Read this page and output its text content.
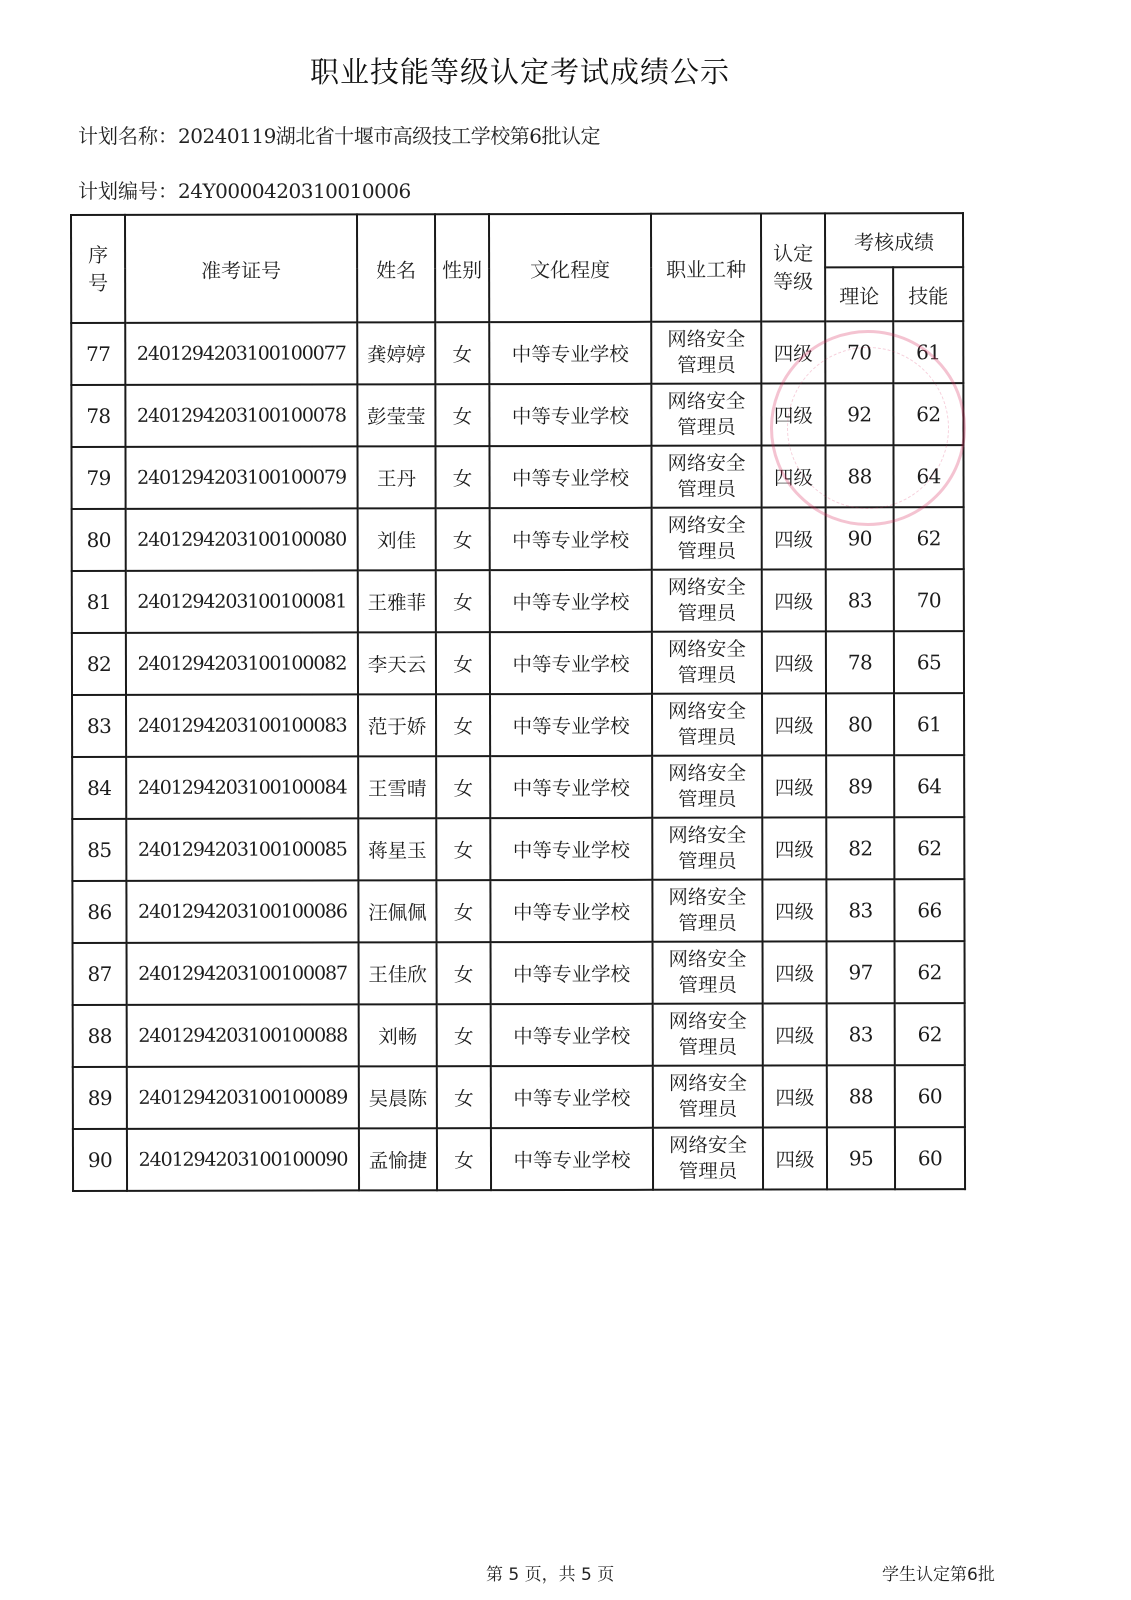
职业技能等级认定考试成绩公示
计划名称：20240119湖北省十堰市高级技工学校第6批认定
计划编号：24Y0000420310010006
序
号	准考证号	姓名	性别	文化程度	职业工种	认定
等级	考核成绩	
							理论	技能
77	2401294203100100077	龚婷婷	女	中等专业学校	网络安全
管理员	四级	70	61
78	2401294203100100078	彭莹莹	女	中等专业学校	网络安全
管理员	四级	92	62
79	2401294203100100079	王丹	女	中等专业学校	网络安全
管理员	四级	88	64
80	2401294203100100080	刘佳	女	中等专业学校	网络安全
管理员	四级	90	62
81	2401294203100100081	王雅菲	女	中等专业学校	网络安全
管理员	四级	83	70
82	2401294203100100082	李天云	女	中等专业学校	网络安全
管理员	四级	78	65
83	2401294203100100083	范于娇	女	中等专业学校	网络安全
管理员	四级	80	61
84	2401294203100100084	王雪晴	女	中等专业学校	网络安全
管理员	四级	89	64
85	2401294203100100085	蒋星玉	女	中等专业学校	网络安全
管理员	四级	82	62
86	2401294203100100086	汪佩佩	女	中等专业学校	网络安全
管理员	四级	83	66
87	2401294203100100087	王佳欣	女	中等专业学校	网络安全
管理员	四级	97	62
88	2401294203100100088	刘畅	女	中等专业学校	网络安全
管理员	四级	83	62
89	2401294203100100089	吴晨陈	女	中等专业学校	网络安全
管理员	四级	88	60
90	2401294203100100090	孟愉捷	女	中等专业学校	网络安全
管理员	四级	95	60
第 5 页，共 5 页	学生认定第6批
